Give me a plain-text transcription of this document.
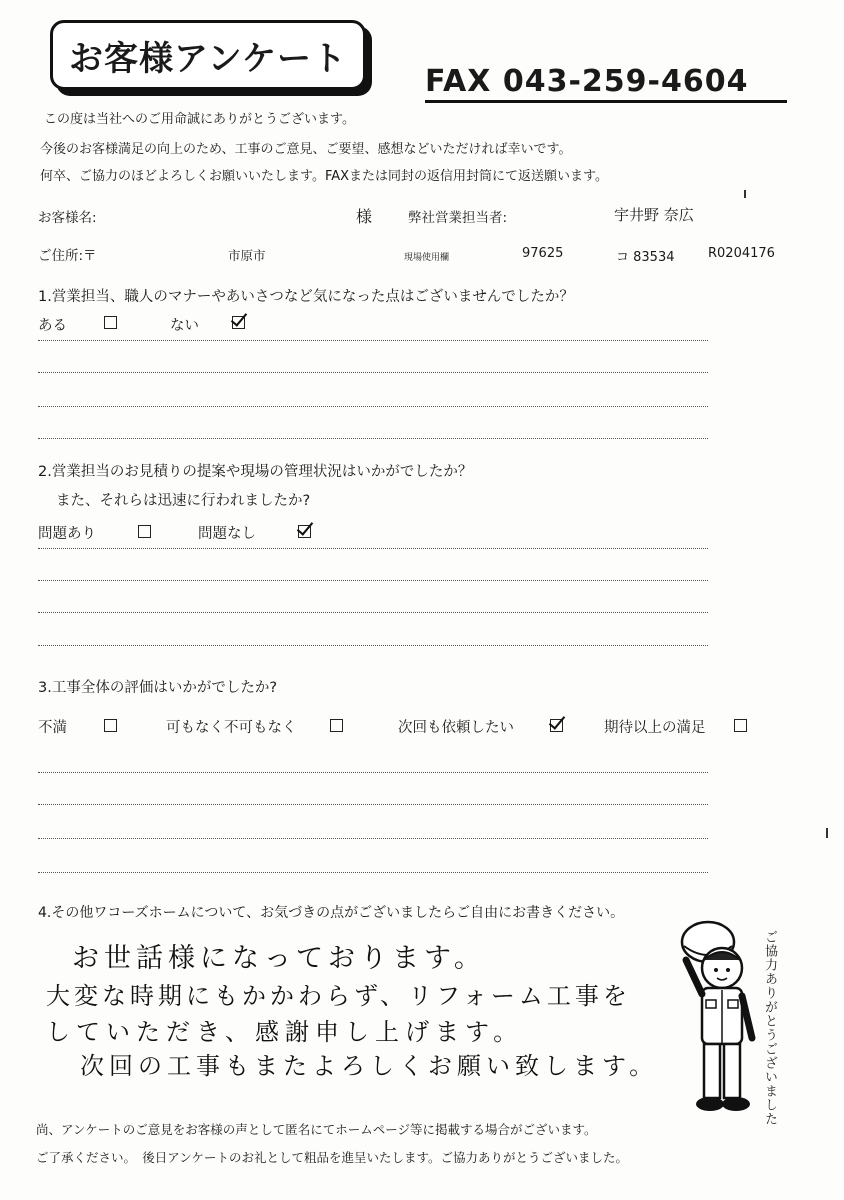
お客様アンケート
FAX 043-259-4604
この度は当社へのご用命誠にありがとうございます。
今後のお客様満足の向上のため、工事のご意見、ご要望、感想などいただければ幸いです。
何卒、ご協力のほどよろしくお願いいたします。FAXまたは同封の返信用封筒にて返送願います。
お客様名:	様	弊社営業担当者:	宇井野 奈広
ご住所:〒	市原市	現場使用欄	97625	コ 83534	R0204176
1.営業担当、職人のマナーやあいさつなど気になった点はございませんでしたか？
ある	ない
2.営業担当のお見積りの提案や現場の管理状況はいかがでしたか？
また、それらは迅速に行われましたか?
問題あり	問題なし
3.工事全体の評価はいかがでしたか?
不満	可もなく不可もなく	次回も依頼したい	期待以上の満足
4.その他ワコーズホームについて、お気づきの点がございましたらご自由にお書きください。
お世話様になっております。
大変な時期にもかかわらず、リフォーム工事を
していただき、感謝申し上げます。
次回の工事もまたよろしくお願い致します。	ご協力ありがとうございました
尚、アンケートのご意見をお客様の声として匿名にてホームページ等に掲載する場合がございます。
ご了承ください。　後日アンケートのお礼として粗品を進呈いたします。ご協力ありがとうございました。
